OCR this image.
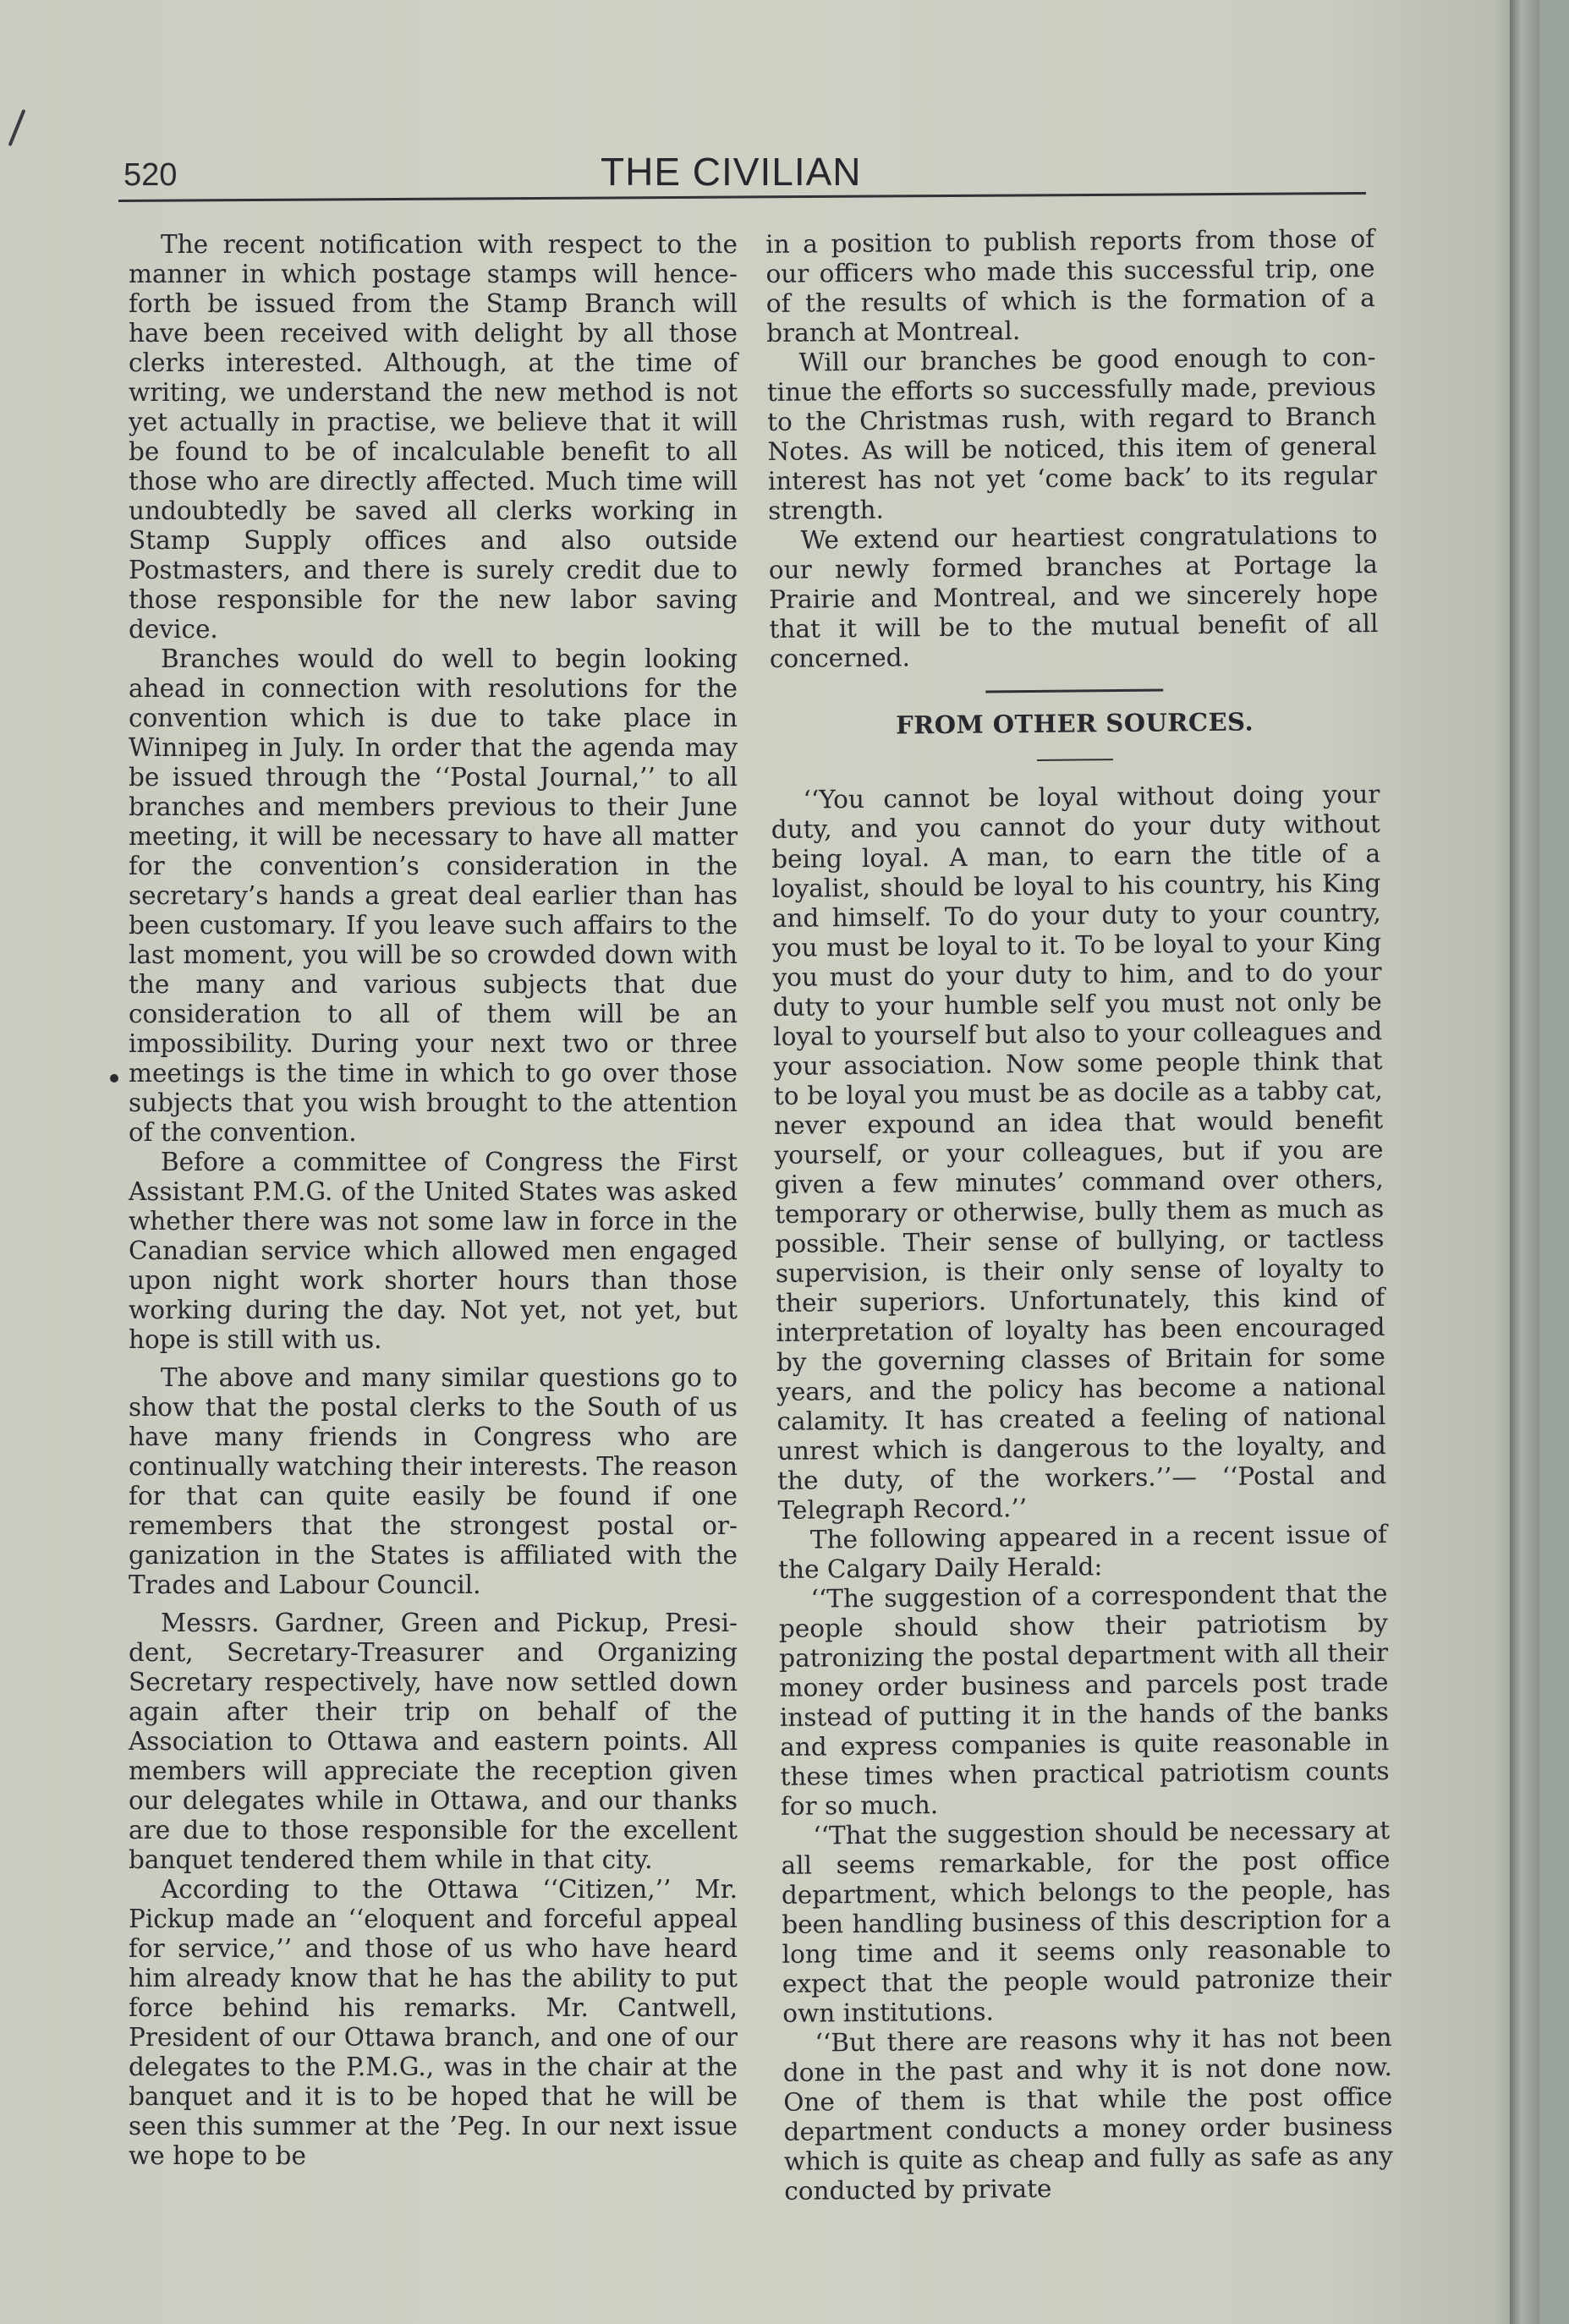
520	THE CIVILIAN

The recent notification with respect to the manner in which postage stamps will henceforth be issued from the Stamp Branch will have been received with delight by all those clerks interested. Although, at the time of writing, we understand the new method is not yet actually in practise, we believe that it will be found to be of incalculable benefit to all those who are directly affected. Much time will undoubtedly be saved all clerks working in Stamp Supply offices and also outside Postmasters, and there is surely credit due to those responsible for the new labor saving device.

Branches would do well to begin looking ahead in connection with resolutions for the convention which is due to take place in Winnipeg in July. In order that the agenda may be issued through the ‘‘Postal Journal,’’ to all branches and members previous to their June meeting, it will be necessary to have all matter for the convention’s consideration in the secretary’s hands a great deal earlier than has been customary. If you leave such affairs to the last moment, you will be so crowded down with the many and various subjects that due consideration to all of them will be an impossibility. During your next two or three meetings is the time in which to go over those subjects that you wish brought to the attention of the convention.

Before a committee of Congress the First Assistant P.M.G. of the United States was asked whether there was not some law in force in the Canadian service which allowed men engaged upon night work shorter hours than those working during the day. Not yet, not yet, but hope is still with us.

The above and many similar questions go to show that the postal clerks to the South of us have many friends in Congress who are continually watching their interests. The reason for that can quite easily be found if one remembers that the strongest postal organization in the States is affiliated with the Trades and Labour Council.

Messrs. Gardner, Green and Pickup, President, Secretary-Treasurer and Organizing Secretary respectively, have now settled down again after their trip on behalf of the Association to Ottawa and eastern points. All members will appreciate the reception given our delegates while in Ottawa, and our thanks are due to those responsible for the excellent banquet tendered them while in that city.

According to the Ottawa ‘‘Citizen,’’ Mr. Pickup made an ‘‘eloquent and forceful appeal for service,’’ and those of us who have heard him already know that he has the ability to put force behind his remarks. Mr. Cantwell, President of our Ottawa branch, and one of our delegates to the P.M.G., was in the chair at the banquet and it is to be hoped that he will be seen this summer at the ’Peg. In our next issue we hope to be

in a position to publish reports from those of our officers who made this successful trip, one of the results of which is the formation of a branch at Montreal.

Will our branches be good enough to continue the efforts so successfully made, previous to the Christmas rush, with regard to Branch Notes. As will be noticed, this item of general interest has not yet ‘come back’ to its regular strength.

We extend our heartiest congratulations to our newly formed branches at Portage la Prairie and Montreal, and we sincerely hope that it will be to the mutual benefit of all concerned.

FROM OTHER SOURCES.

‘‘You cannot be loyal without doing your duty, and you cannot do your duty without being loyal. A man, to earn the title of a loyalist, should be loyal to his country, his King and himself. To do your duty to your country, you must be loyal to it. To be loyal to your King you must do your duty to him, and to do your duty to your humble self you must not only be loyal to yourself but also to your colleagues and your association. Now some people think that to be loyal you must be as docile as a tabby cat, never expound an idea that would benefit yourself, or your colleagues, but if you are given a few minutes’ command over others, temporary or otherwise, bully them as much as possible. Their sense of bullying, or tactless supervision, is their only sense of loyalty to their superiors. Unfortunately, this kind of interpretation of loyalty has been encouraged by the governing classes of Britain for some years, and the policy has become a national calamity. It has created a feeling of national unrest which is dangerous to the loyalty, and the duty, of the workers.’’— ‘‘Postal and Telegraph Record.’’

The following appeared in a recent issue of the Calgary Daily Herald:

‘‘The suggestion of a correspondent that the people should show their patriotism by patronizing the postal department with all their money order business and parcels post trade instead of putting it in the hands of the banks and express companies is quite reasonable in these times when practical patriotism counts for so much.

‘‘That the suggestion should be necessary at all seems remarkable, for the post office department, which belongs to the people, has been handling business of this description for a long time and it seems only reasonable to expect that the people would patronize their own institutions.

‘‘But there are reasons why it has not been done in the past and why it is not done now. One of them is that while the post office department conducts a money order business which is quite as cheap and fully as safe as any conducted by private
